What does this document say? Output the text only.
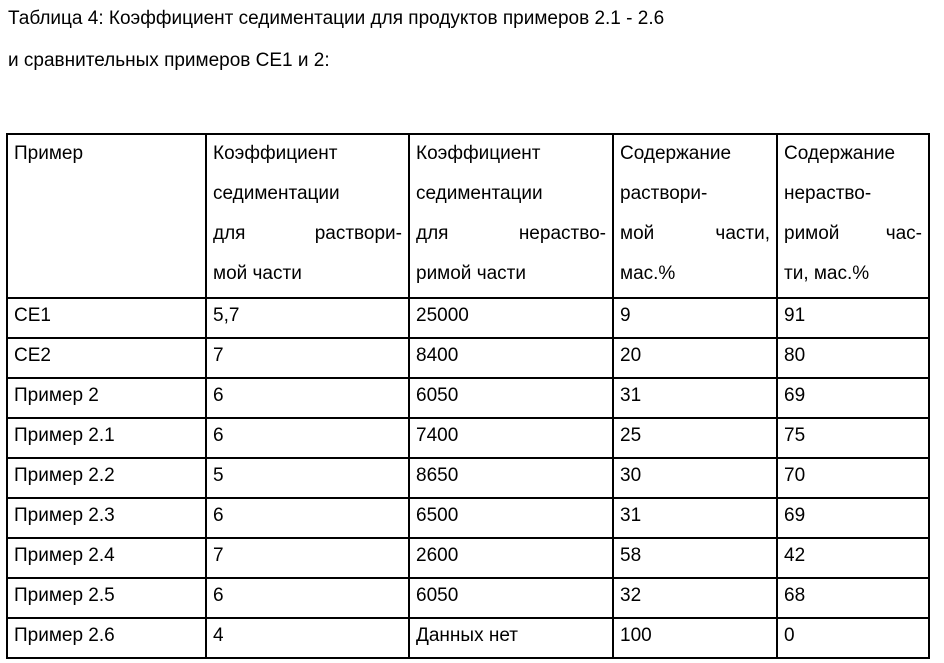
Таблица 4: Коэффициент седиментации для продуктов примеров 2.1 - 2.6
и сравнительных примеров CE1 и 2:
Пример	Коэффициент
седиментации
для раствори-
мой части

Коэффициент
седиментации
для нераство-
римой части

Содержание
раствори-
мой части,
мас.%

Содержание
нераство-
римой час-
ти, мас.%

CE1	5,7	25000	9	91
CE2	7	8400	20	80
Пример 2	6	6050	31	69
Пример 2.1	6	7400	25	75
Пример 2.2	5	8650	30	70
Пример 2.3	6	6500	31	69
Пример 2.4	7	2600	58	42
Пример 2.5	6	6050	32	68
Пример 2.6	4	Данных нет	100	0
